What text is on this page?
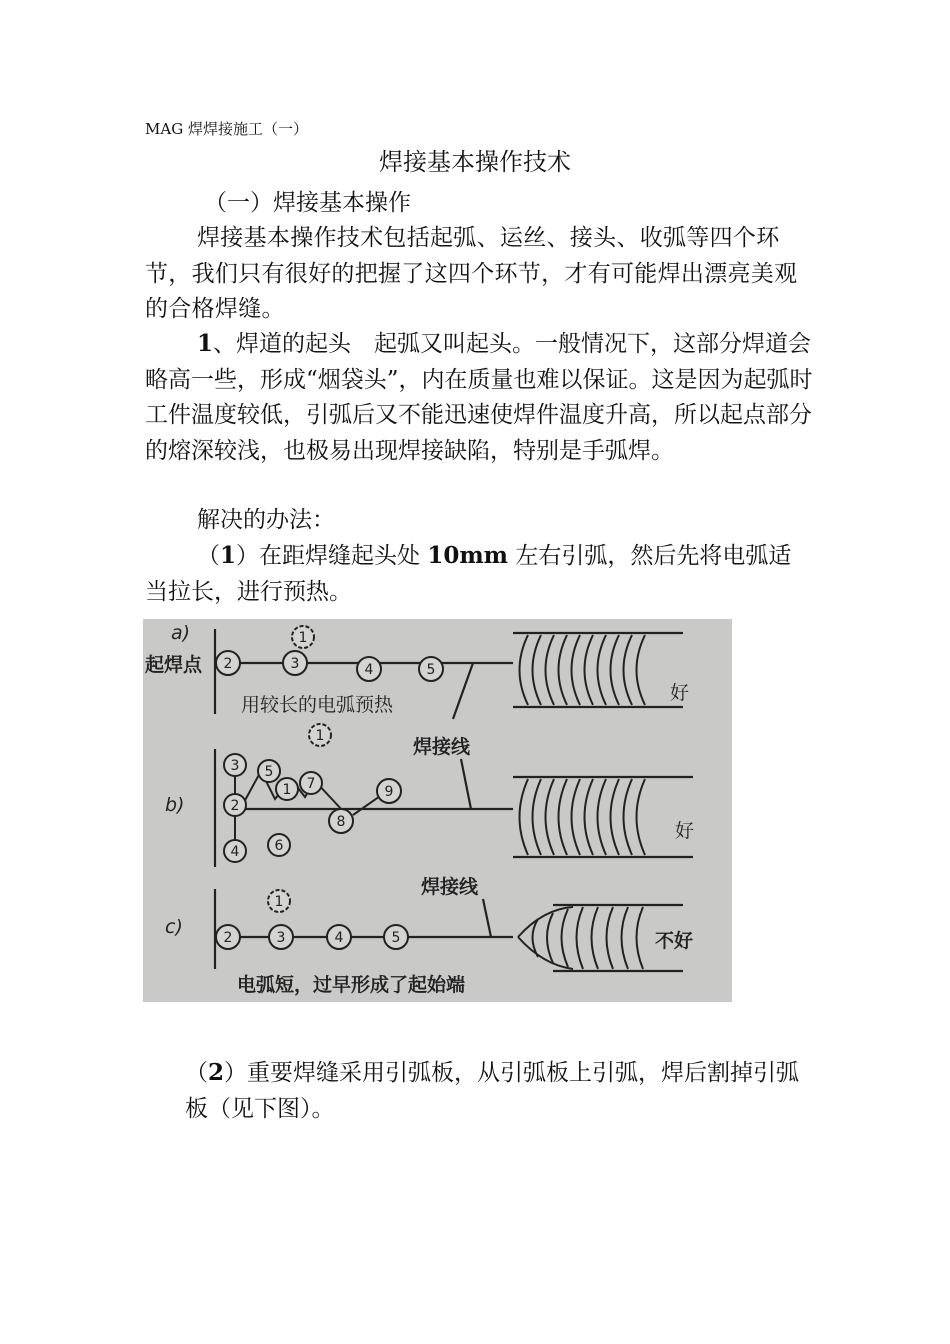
MAG 焊焊接施工（一）
焊接基本操作技术
（一）焊接基本操作
焊接基本操作技术包括起弧、运丝、接头、收弧等四个环节，我们只有很好的把握了这四个环节，才有可能焊出漂亮美观的合格焊缝。
1、焊道的起头　起弧又叫起头。一般情况下，这部分焊道会略高一些，形成“烟袋头”，内在质量也难以保证。这是因为起弧时工件温度较低，引弧后又不能迅速使焊件温度升高，所以起点部分的熔深较浅，也极易出现焊接缺陷，特别是手弧焊。
解决的办法：
（1）在距焊缝起头处 10mm 左右引弧，然后先将电弧适当拉长，进行预热。
2	3
1
4	5
1
3
2
4
5
1 7
6
8
9
2	3
1
4	5
a)
b)
c)
起焊点
用较长的电弧预热
焊接线
焊接线
好
好
不好
电弧短，过早形成了起始端
（2）重要焊缝采用引弧板，从引弧板上引弧，焊后割掉引弧板（见下图）。
